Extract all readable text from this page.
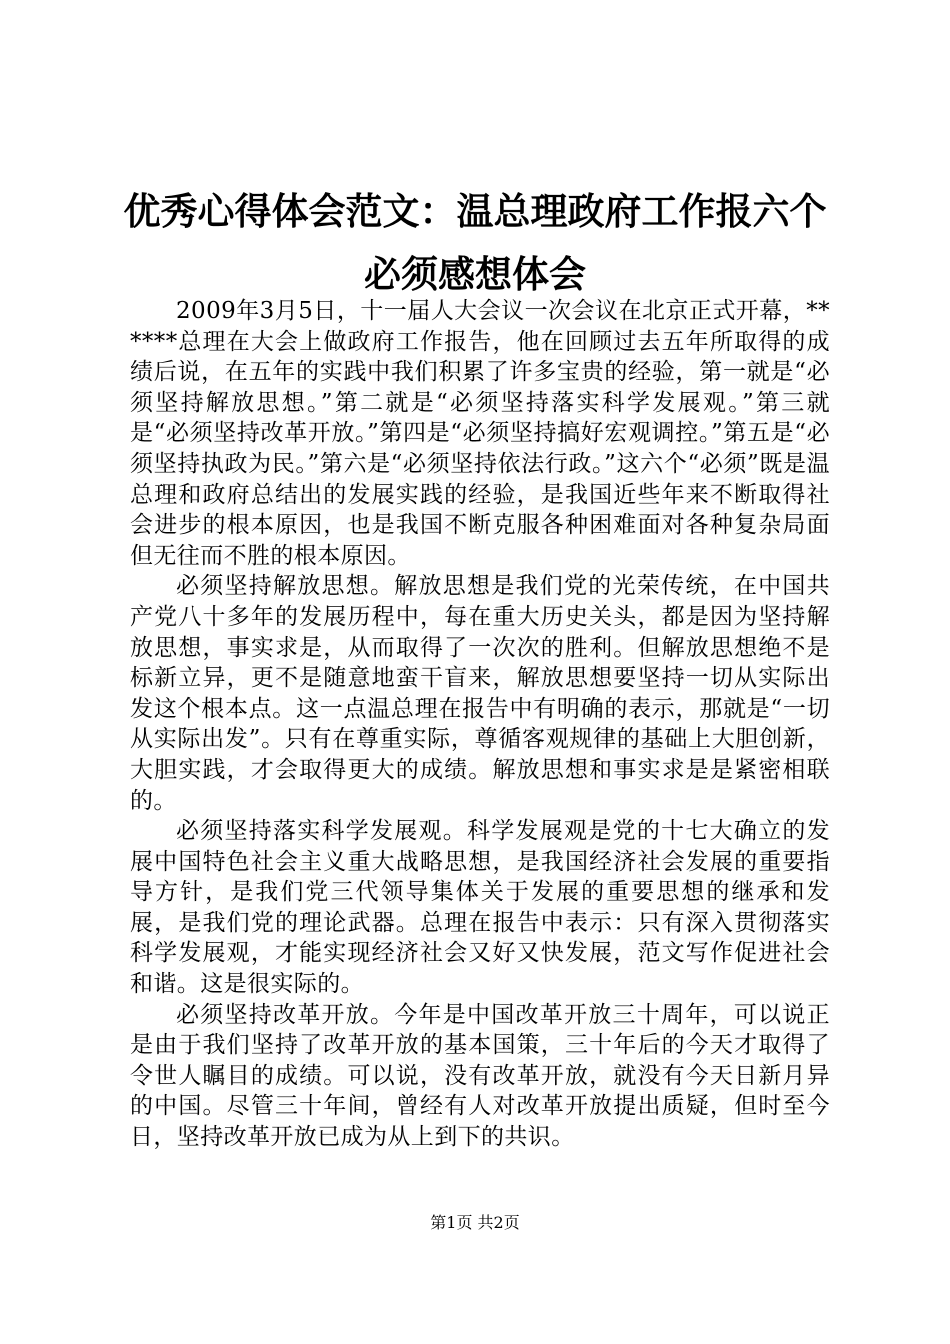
优秀心得体会范文：温总理政府工作报六个必须感想体会

2009年3月5日，十一届人大会议一次会议在北京正式开幕，******总理在大会上做政府工作报告，他在回顾过去五年所取得的成绩后说，在五年的实践中我们积累了许多宝贵的经验，第一就是“必须坚持解放思想。”第二就是“必须坚持落实科学发展观。”第三就是“必须坚持改革开放。”第四是“必须坚持搞好宏观调控。”第五是“必须坚持执政为民。”第六是“必须坚持依法行政。”这六个“必须”既是温总理和政府总结出的发展实践的经验，是我国近些年来不断取得社会进步的根本原因，也是我国不断克服各种困难面对各种复杂局面但无往而不胜的根本原因。

必须坚持解放思想。解放思想是我们党的光荣传统，在中国共产党八十多年的发展历程中，每在重大历史关头，都是因为坚持解放思想，事实求是，从而取得了一次次的胜利。但解放思想绝不是标新立异，更不是随意地蛮干盲来，解放思想要坚持一切从实际出发这个根本点。这一点温总理在报告中有明确的表示，那就是“一切从实际出发”。只有在尊重实际，尊循客观规律的基础上大胆创新，大胆实践，才会取得更大的成绩。解放思想和事实求是是紧密相联的。

必须坚持落实科学发展观。科学发展观是党的十七大确立的发展中国特色社会主义重大战略思想，是我国经济社会发展的重要指导方针，是我们党三代领导集体关于发展的重要思想的继承和发展，是我们党的理论武器。总理在报告中表示：只有深入贯彻落实科学发展观，才能实现经济社会又好又快发展，范文写作促进社会和谐。这是很实际的。

必须坚持改革开放。今年是中国改革开放三十周年，可以说正是由于我们坚持了改革开放的基本国策，三十年后的今天才取得了令世人瞩目的成绩。可以说，没有改革开放，就没有今天日新月异的中国。尽管三十年间，曾经有人对改革开放提出质疑，但时至今日，坚持改革开放已成为从上到下的共识。

第1页 共2页
